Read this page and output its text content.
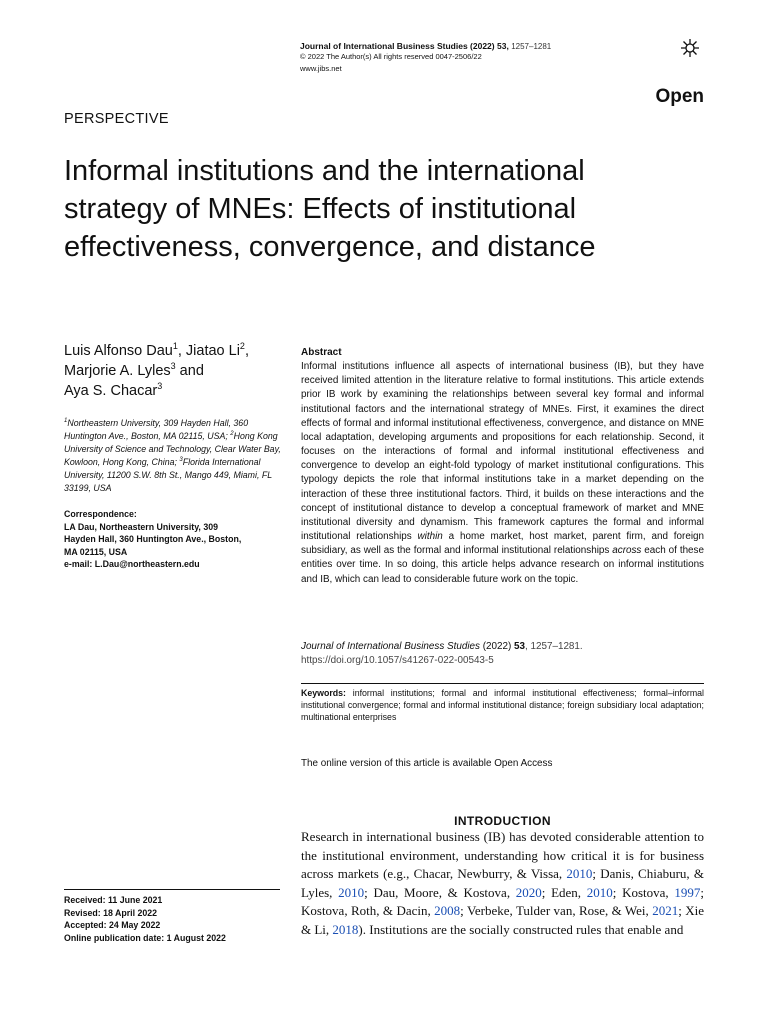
Journal of International Business Studies (2022) 53, 1257–1281
© 2022 The Author(s) All rights reserved 0047-2506/22
www.jibs.net
Open
PERSPECTIVE
Informal institutions and the international strategy of MNEs: Effects of institutional effectiveness, convergence, and distance
Luis Alfonso Dau$^1$, Jiatao Li$^2$,
Marjorie A. Lyles$^3$ and
Aya S. Chacar$^3$
$^1$Northeastern University, 309 Hayden Hall, 360 Huntington Ave., Boston, MA 02115, USA; $^2$Hong Kong University of Science and Technology, Clear Water Bay, Kowloon, Hong Kong, China; $^3$Florida International University, 11200 S.W. 8th St., Mango 449, Miami, FL 33199, USA
Correspondence:
LA Dau, Northeastern University, 309
Hayden Hall, 360 Huntington Ave., Boston,
MA 02115, USA
e-mail: L.Dau@northeastern.edu
Received: 11 June 2021
Revised: 18 April 2022
Accepted: 24 May 2022
Online publication date: 1 August 2022
Abstract
Informal institutions influence all aspects of international business (IB), but they have received limited attention in the literature relative to formal institutions. This article extends prior IB work by examining the relationships between several key formal and informal institutional factors and the international strategy of MNEs. First, it examines the direct effects of formal and informal institutional effectiveness, convergence, and distance on MNE local adaptation, developing arguments and propositions for each relationship. Second, it focuses on the interactions of formal and informal institutional effectiveness and convergence to develop an eight-fold typology of market institutional configurations. This typology depicts the role that informal institutions take in a market depending on the interaction of these three institutional factors. Third, it builds on these interactions and the concept of institutional distance to develop a conceptual framework of market and MNE institutional diversity and dynamism. This framework captures the formal and informal institutional relationships within a home market, host market, parent firm, and foreign subsidiary, as well as the formal and informal institutional relationships across each of these entities over time. In so doing, this article helps advance research on informal institutions and IB, which can lead to considerable future work on the topic.
Journal of International Business Studies (2022) 53, 1257–1281.
https://doi.org/10.1057/s41267-022-00543-5
Keywords: informal institutions; formal and informal institutional effectiveness; formal–informal institutional convergence; formal and informal institutional distance; foreign subsidiary local adaptation; multinational enterprises
The online version of this article is available Open Access
INTRODUCTION
Research in international business (IB) has devoted considerable attention to the institutional environment, understanding how critical it is for business across markets (e.g., Chacar, Newburry, & Vissa, 2010; Danis, Chiaburu, & Lyles, 2010; Dau, Moore, & Kostova, 2020; Eden, 2010; Kostova, 1997; Kostova, Roth, & Dacin, 2008; Verbeke, Tulder van, Rose, & Wei, 2021; Xie & Li, 2018). Institutions are the socially constructed rules that enable and
